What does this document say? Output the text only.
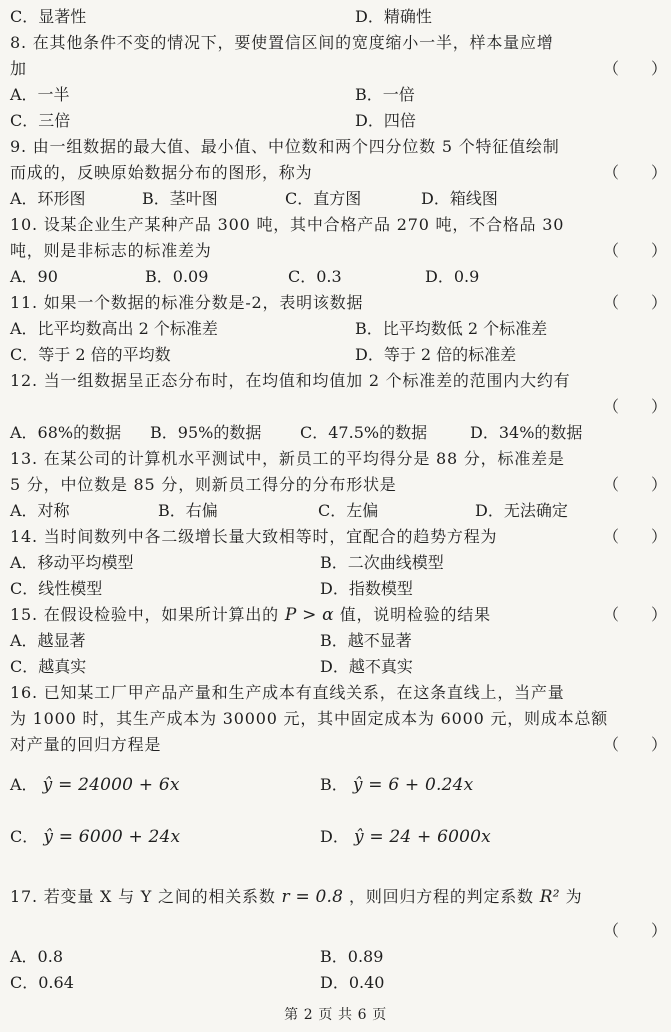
C．显著性	D．精确性
8. 在其他条件不变的情况下，要使置信区间的宽度缩小一半，样本量应增
加	（　　）
A．一半	B．一倍
C．三倍	D．四倍
9. 由一组数据的最大值、最小值、中位数和两个四分位数 5 个特征值绘制
而成的，反映原始数据分布的图形，称为	（　　）
A．环形图	B．茎叶图	C．直方图	D．箱线图
10. 设某企业生产某种产品 300 吨，其中合格产品 270 吨，不合格品 30
吨，则是非标志的标准差为	（　　）
A．90	B．0.09	C．0.3	D．0.9
11. 如果一个数据的标准分数是-2，表明该数据	（　　）
A．比平均数高出 2 个标准差	B．比平均数低 2 个标准差
C．等于 2 倍的平均数	D．等于 2 倍的标准差
12. 当一组数据呈正态分布时，在均值和均值加 2 个标准差的范围内大约有
（　　）
A．68%的数据 B．95%的数据 C．47.5%的数据	D．34%的数据
13. 在某公司的计算机水平测试中，新员工的平均得分是 88 分，标准差是
5 分，中位数是 85 分，则新员工得分的分布形状是	（　　）
A．对称	B．右偏	C．左偏	D．无法确定
14. 当时间数列中各二级增长量大致相等时，宜配合的趋势方程为	（　　）
A．移动平均模型	B．二次曲线模型
C．线性模型	D．指数模型
15. 在假设检验中，如果所计算出的 P > α 值，说明检验的结果	（　　）
A．越显著	B．越不显著
C．越真实	D．越不真实
16. 已知某工厂甲产品产量和生产成本有直线关系，在这条直线上，当产量
为 1000 时，其生产成本为 30000 元，其中固定成本为 6000 元，则成本总额
对产量的回归方程是	（　　）
A． ŷ = 24000 + 6x	B． ŷ = 6 + 0.24x
C． ŷ = 6000 + 24x	D． ŷ = 24 + 6000x
17. 若变量 X 与 Y 之间的相关系数 r = 0.8 ，则回归方程的判定系数 R² 为
（　　）
A．0.8	B．0.89
C．0.64	D．0.40
第 2 页 共 6 页
